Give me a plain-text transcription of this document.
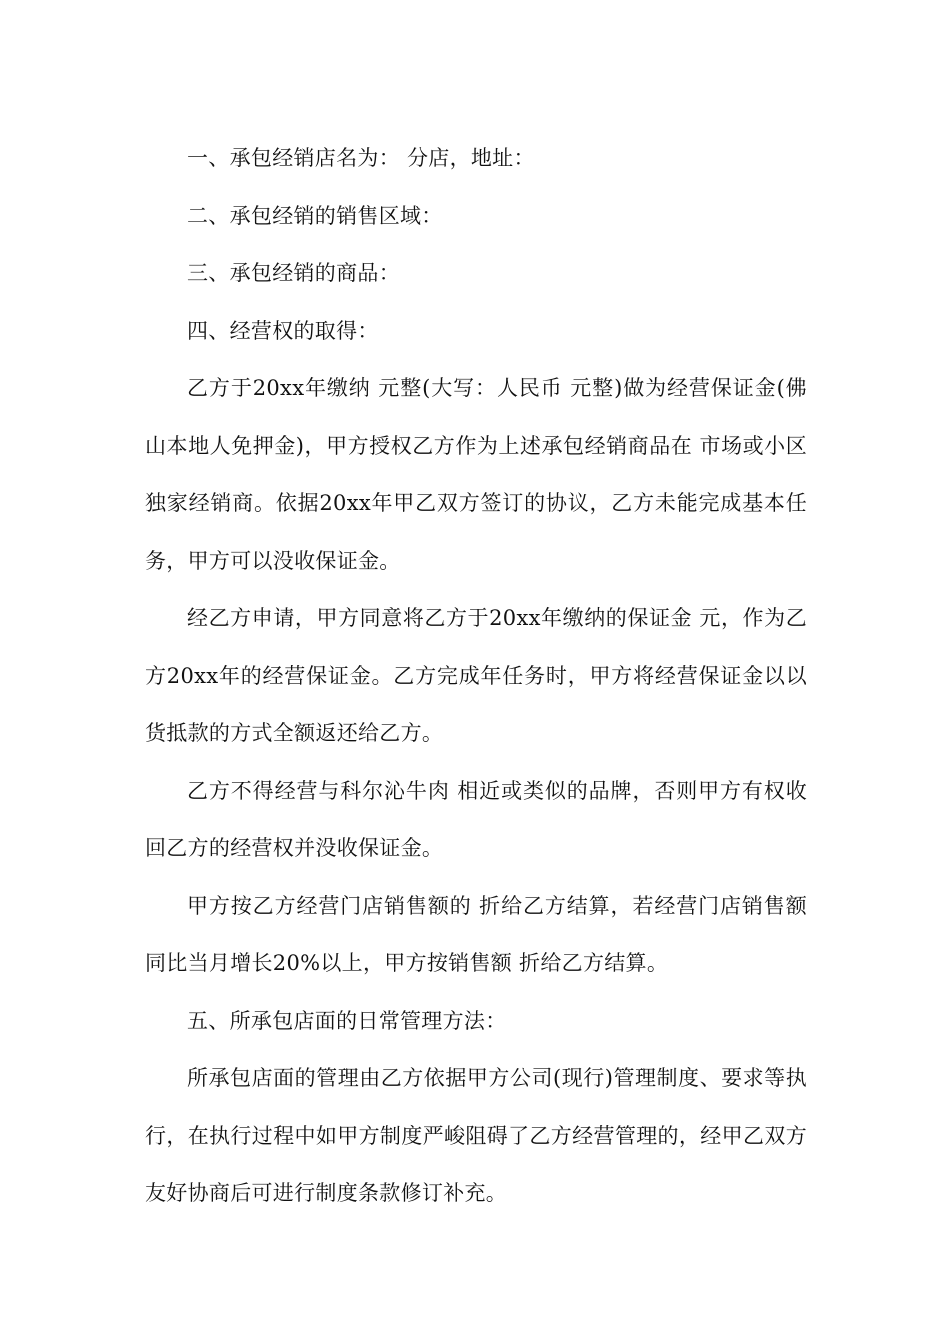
一、承包经销店名为： 分店，地址：

二、承包经销的销售区域：

三、承包经销的商品：

四、经营权的取得：

乙方于20xx年缴纳 元整(大写：人民币 元整)做为经营保证金(佛山本地人免押金)，甲方授权乙方作为上述承包经销商品在 市场或小区独家经销商。依据20xx年甲乙双方签订的协议，乙方未能完成基本任务，甲方可以没收保证金。

经乙方申请，甲方同意将乙方于20xx年缴纳的保证金 元，作为乙方20xx年的经营保证金。乙方完成年任务时，甲方将经营保证金以以货抵款的方式全额返还给乙方。

乙方不得经营与科尔沁牛肉 相近或类似的品牌，否则甲方有权收回乙方的经营权并没收保证金。

甲方按乙方经营门店销售额的 折给乙方结算，若经营门店销售额同比当月增长20%以上，甲方按销售额 折给乙方结算。

五、所承包店面的日常管理方法：

所承包店面的管理由乙方依据甲方公司(现行)管理制度、要求等执行，在执行过程中如甲方制度严峻阻碍了乙方经营管理的，经甲乙双方友好协商后可进行制度条款修订补充。
